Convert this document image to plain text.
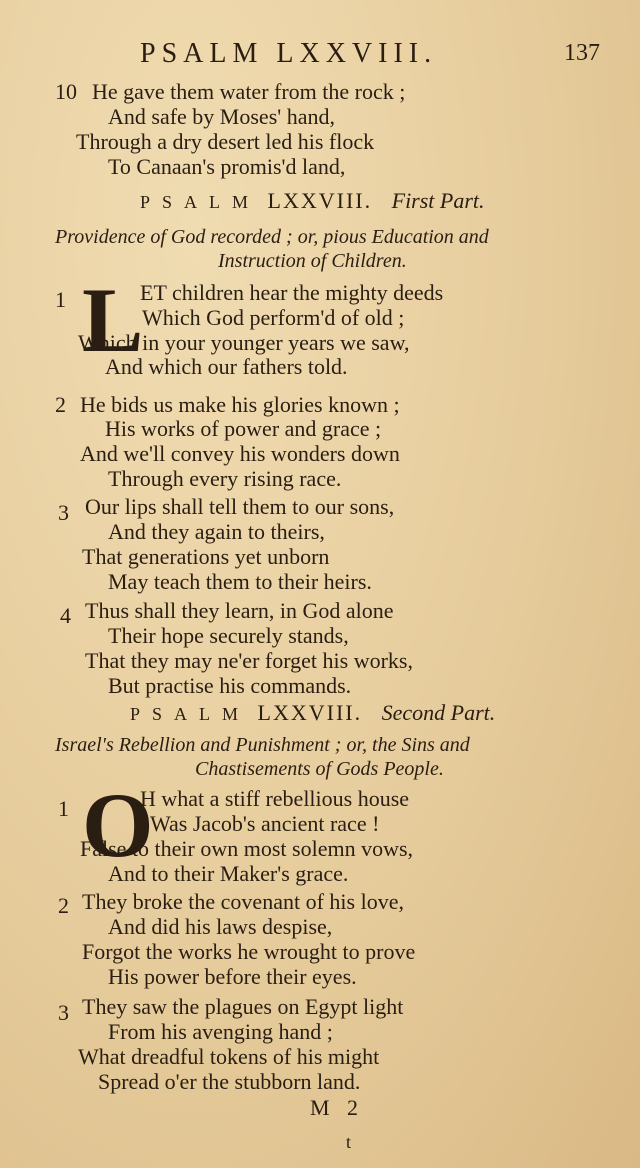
PSALM LXXVIII.	137
10 He gave them water from the rock ;
And safe by Moses' hand,
Through a dry desert led his flock
To Canaan's promis'd land,
PSALM LXXVIII. First Part.
Providence of God recorded ; or, pious Education and
Instruction of Children.
1 L
ET children hear the mighty deeds
Which God perform'd of old ;
Which in your younger years we saw,
And which our fathers told.
2 He bids us make his glories known ;
His works of power and grace ;
And we'll convey his wonders down
Through every rising race.
3 Our lips shall tell them to our sons,
And they again to theirs,
That generations yet unborn
May teach them to their heirs.
4 Thus shall they learn, in God alone
Their hope securely stands,
That they may ne'er forget his works,
But practise his commands.
PSALM LXXVIII. Second Part.
Israel's Rebellion and Punishment ; or, the Sins and
Chastisements of Gods People.
1 O
H what a stiff rebellious house
Was Jacob's ancient race !
False to their own most solemn vows,
And to their Maker's grace.
2 They broke the covenant of his love,
And did his laws despise,
Forgot the works he wrought to prove
His power before their eyes.
3 They saw the plagues on Egypt light
From his avenging hand ;
What dreadful tokens of his might
Spread o'er the stubborn land.
M 2
t
